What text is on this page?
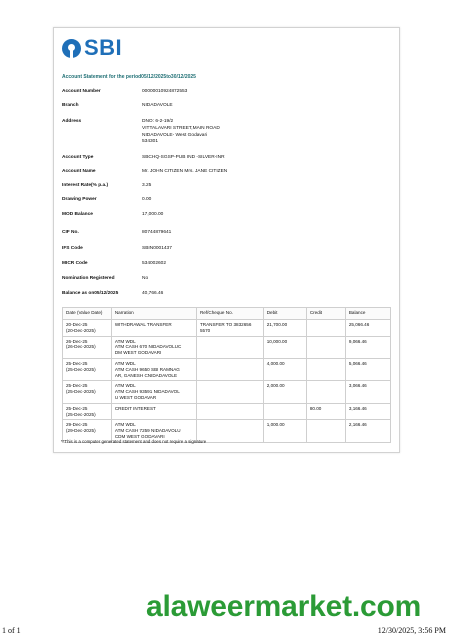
SBI
Account Statement for the period05/12/2025to30/12/2025
Account Number	00000010924872553
Branch	NIDADAVOLE
Address	DNO: 6-2-19/2
VITTALAVARI STREET,MAIN ROAD
NIDADAVOLE- West Godavari
534301
Account Type	SBCHQ-SGSP-PUB IND -SILVER-INR
Account Name	Mr. JOHN CITIZEN Mrs. JANE CITIZEN
Interest Rate(% p.a.)	3.25
Drawing Power	0.00
MOD Balance	17,000.00
CIF No.	80744879641
IFS Code	SBIN0001437
MICR Code	534002602
Nomination Registered	No
Balance as on05/12/2025	40,766.46
Date (Value Date)	Narration	Ref/Cheque No.	Debit	Credit	Balance

20-Dec-25
(20-Dec-2025)	WITHDRAWAL TRANSFER	TRANSFER TO 3832656
5570	21,700.00		25,066.46

26-Dec-25
(26-Dec-2025)	ATM WDL
ATM CASH 670 NIDADAVOLUC
DM WEST GODAVARI		10,000.00		9,066.46

25-Dec-25
(25-Dec-2025)	ATM WDL
ATM CASH 9650 SBI RAMNAG
AR, GANESH CNIDADAVOLE		4,000.00		5,066.46

25-Dec-25
(25-Dec-2025)	ATM WDL
ATM CASH 93591 NIDADAVOL
U WEST GODAVAR		2,000.00		3,066.46

25-Dec-25
(25-Dec-2025)	CREDIT INTEREST			80.00	3,166.46

29-Dec-25
(29-Dec-2025)	ATM WDL
ATM CASH 7259 NIDADAVOLU
CDM WEST GODAVARI		1,000.00		2,166.46
**This is a computer generated statement and does not require a signature
alaweermarket.com
1 of 1	12/30/2025, 3:56 PM
